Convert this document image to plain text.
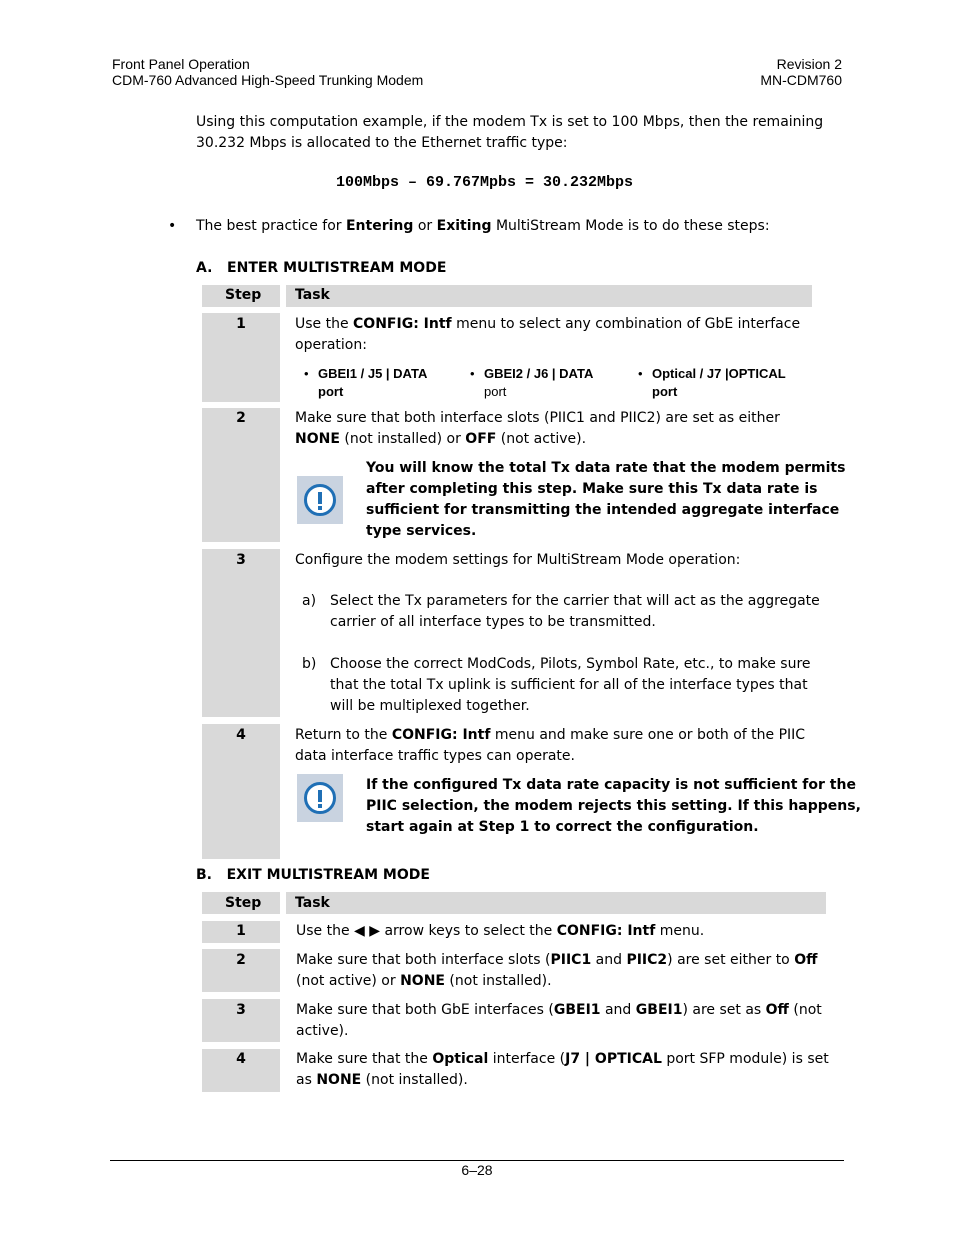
Front Panel Operation
CDM-760 Advanced High-Speed Trunking Modem
Revision 2
MN-CDM760
Using this computation example, if the modem Tx is set to 100 Mbps, then the remaining
30.232 Mbps is allocated to the Ethernet traffic type:
100Mbps – 69.767Mpbs = 30.232Mbps
• The best practice for Entering or Exiting MultiStream Mode is to do these steps:
A.   ENTER MULTISTREAM MODE
Step Task
1
2
3
4
Use the CONFIG: Intf menu to select any combination of GbE interface
operation:
• GBEI1 / J5 | DATA
port
• GBEI2 / J6 | DATA
port
• Optical / J7 |OPTICAL
port
Make sure that both interface slots (PIIC1 and PIIC2) are set as either
NONE (not installed) or OFF (not active).
You will know the total Tx data rate that the modem permits
after completing this step. Make sure this Tx data rate is
sufficient for transmitting the intended aggregate interface
type services.
Configure the modem settings for MultiStream Mode operation:
a) Select the Tx parameters for the carrier that will act as the aggregate
carrier of all interface types to be transmitted.
b) Choose the correct ModCods, Pilots, Symbol Rate, etc., to make sure
that the total Tx uplink is sufficient for all of the interface types that
will be multiplexed together.
Return to the CONFIG: Intf menu and make sure one or both of the PIIC
data interface traffic types can operate.
If the configured Tx data rate capacity is not sufficient for the
PIIC selection, the modem rejects this setting. If this happens,
start again at Step 1 to correct the configuration.
B.   EXIT MULTISTREAM MODE
Step Task
1
2
3
4
Use the ◀ ▶ arrow keys to select the CONFIG: Intf menu.
Make sure that both interface slots (PIIC1 and PIIC2) are set either to Off
(not active) or NONE (not installed).
Make sure that both GbE interfaces (GBEI1 and GBEI1) are set as Off (not
active).
Make sure that the Optical interface (J7 | OPTICAL port SFP module) is set
as NONE (not installed).
6–28
